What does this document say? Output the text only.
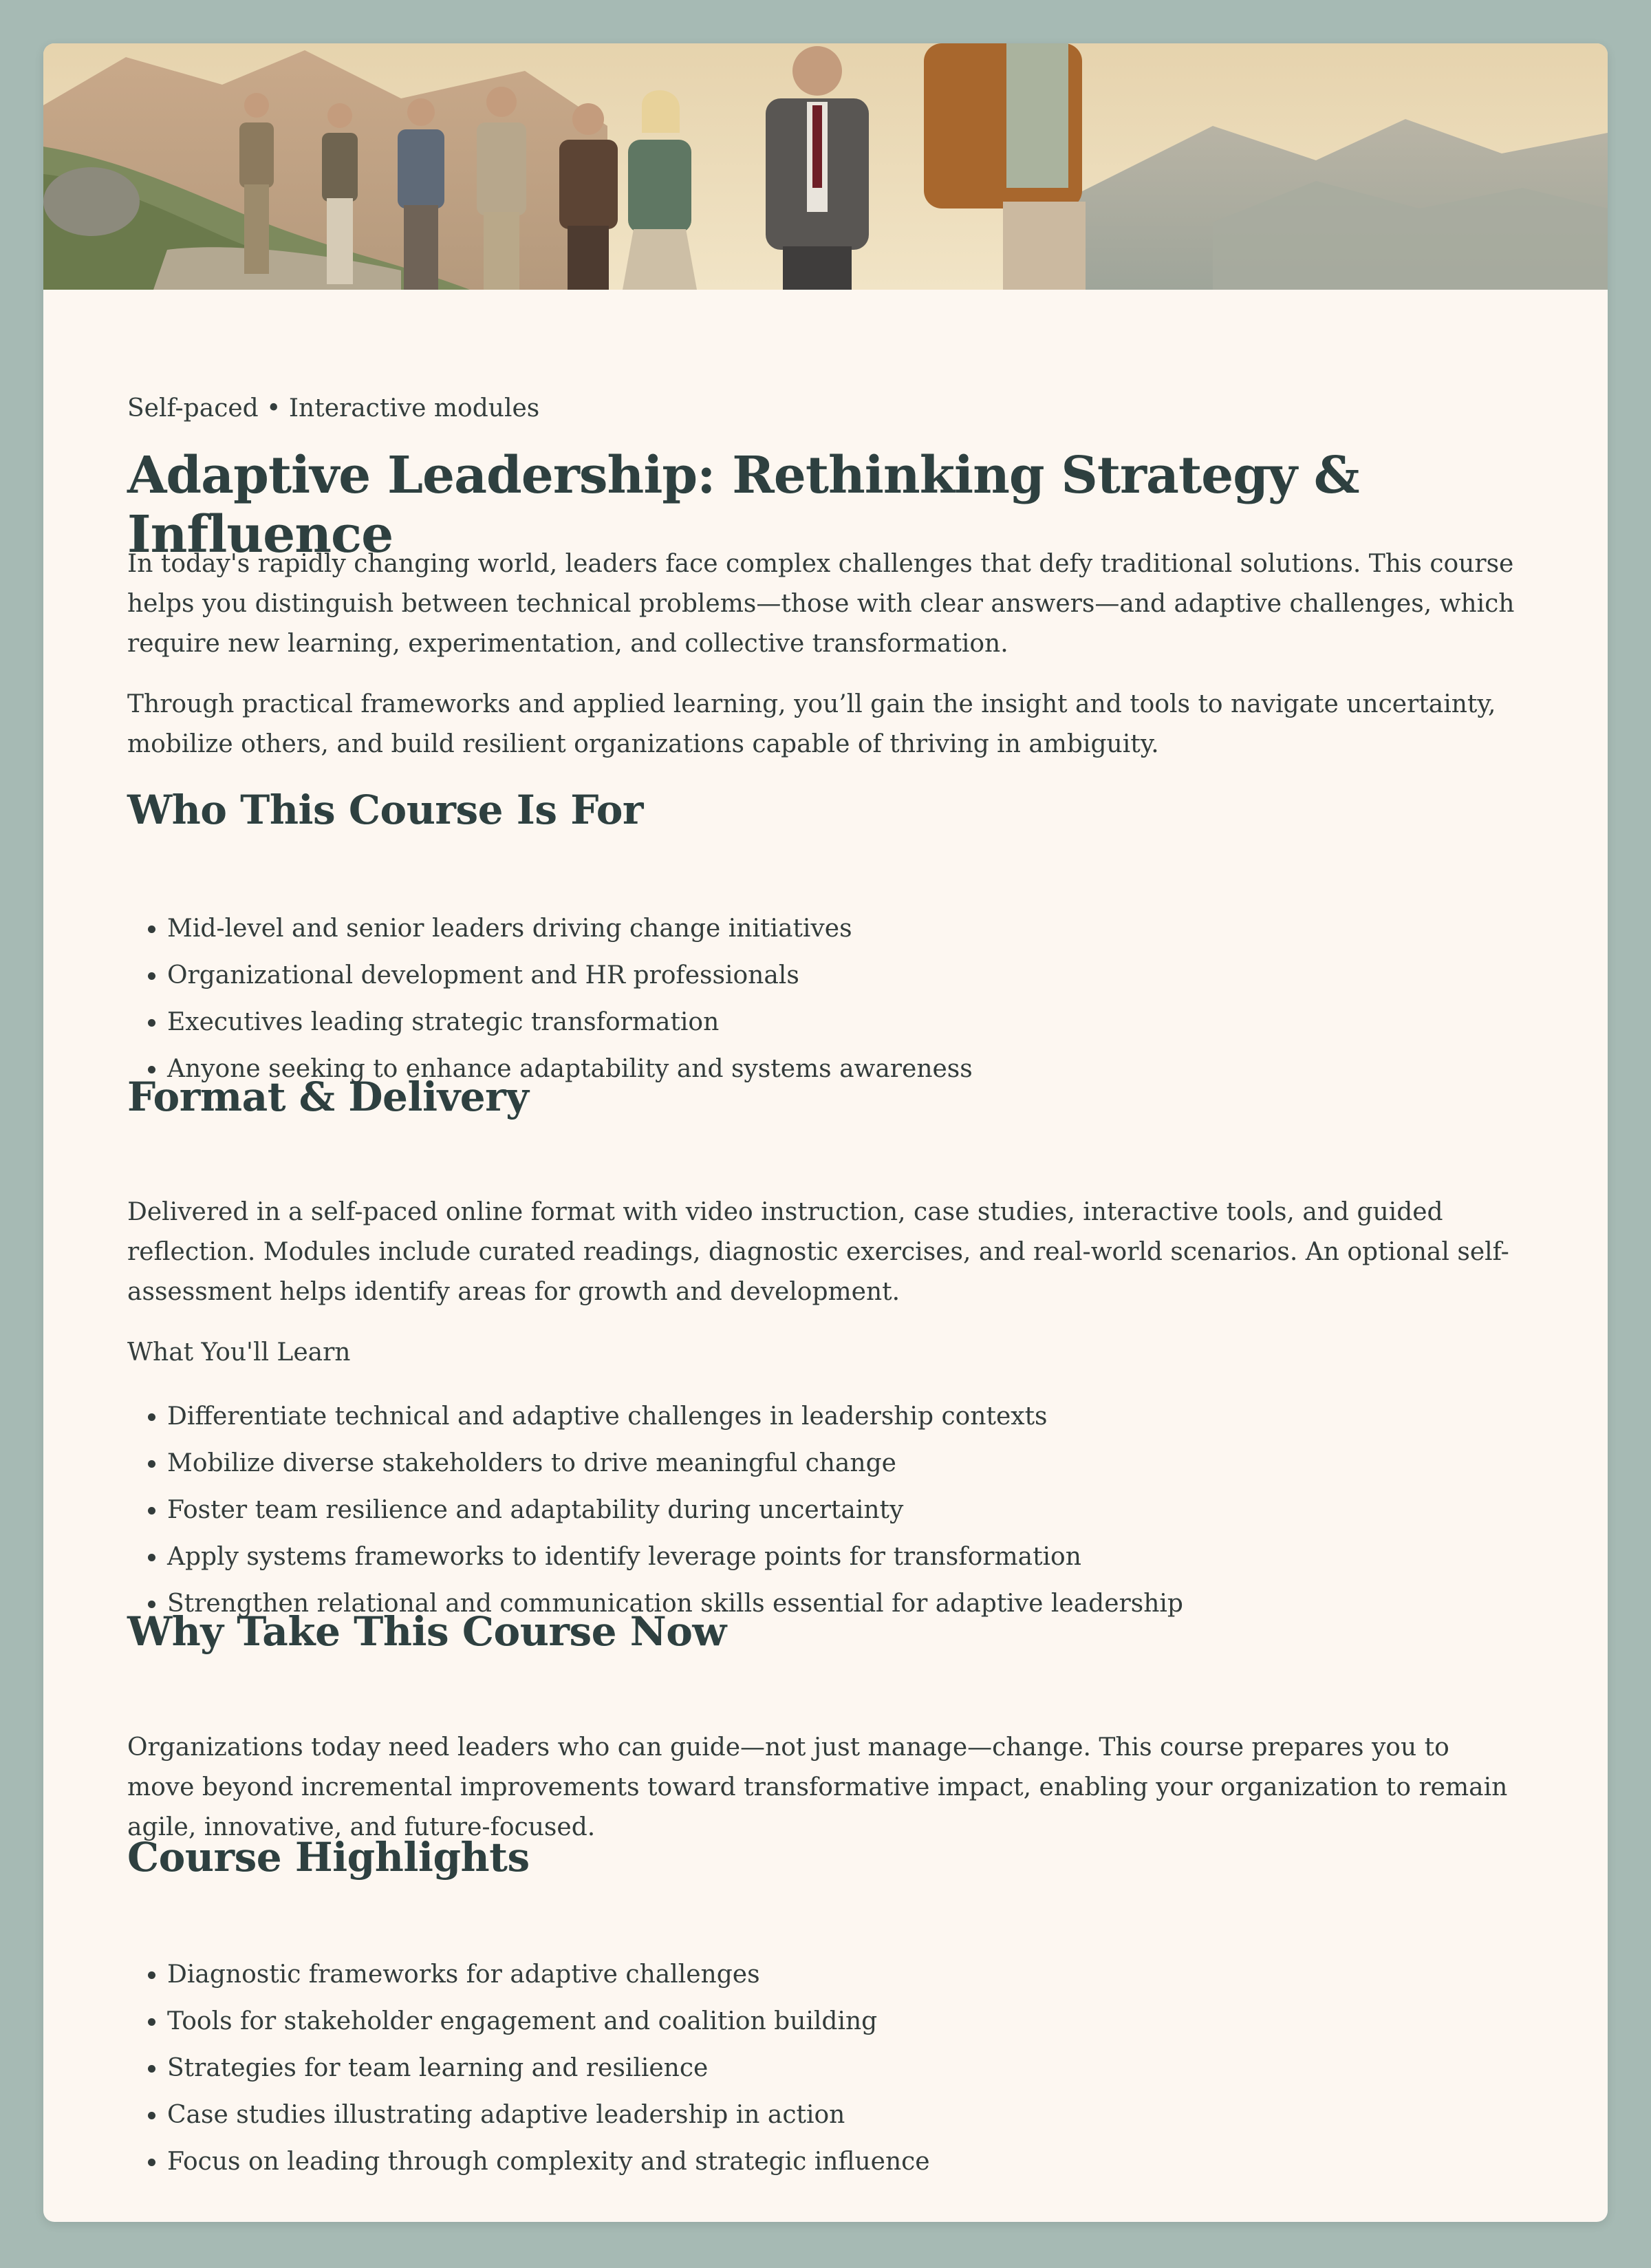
Self-paced • Interactive modules
Adaptive Leadership: Rethinking Strategy & Influence

In today's rapidly changing world, leaders face complex challenges that defy traditional solutions. This course helps you distinguish between technical problems—those with clear answers—and adaptive challenges, which require new learning, experimentation, and collective transformation.

Through practical frameworks and applied learning, you’ll gain the insight and tools to navigate uncertainty, mobilize others, and build resilient organizations capable of thriving in ambiguity.

Who This Course Is For
• Mid-level and senior leaders driving change initiatives
• Organizational development and HR professionals
• Executives leading strategic transformation
• Anyone seeking to enhance adaptability and systems awareness
Format & Delivery

Delivered in a self-paced online format with video instruction, case studies, interactive tools, and guided reflection. Modules include curated readings, diagnostic exercises, and real-world scenarios. An optional self-assessment helps identify areas for growth and development.

What You'll Learn
• Differentiate technical and adaptive challenges in leadership contexts
• Mobilize diverse stakeholders to drive meaningful change
• Foster team resilience and adaptability during uncertainty
• Apply systems frameworks to identify leverage points for transformation
• Strengthen relational and communication skills essential for adaptive leadership
Why Take This Course Now

Organizations today need leaders who can guide—not just manage—change. This course prepares you to move beyond incremental improvements toward transformative impact, enabling your organization to remain agile, innovative, and future-focused.

Course Highlights
• Diagnostic frameworks for adaptive challenges
• Tools for stakeholder engagement and coalition building
• Strategies for team learning and resilience
• Case studies illustrating adaptive leadership in action
• Focus on leading through complexity and strategic influence
